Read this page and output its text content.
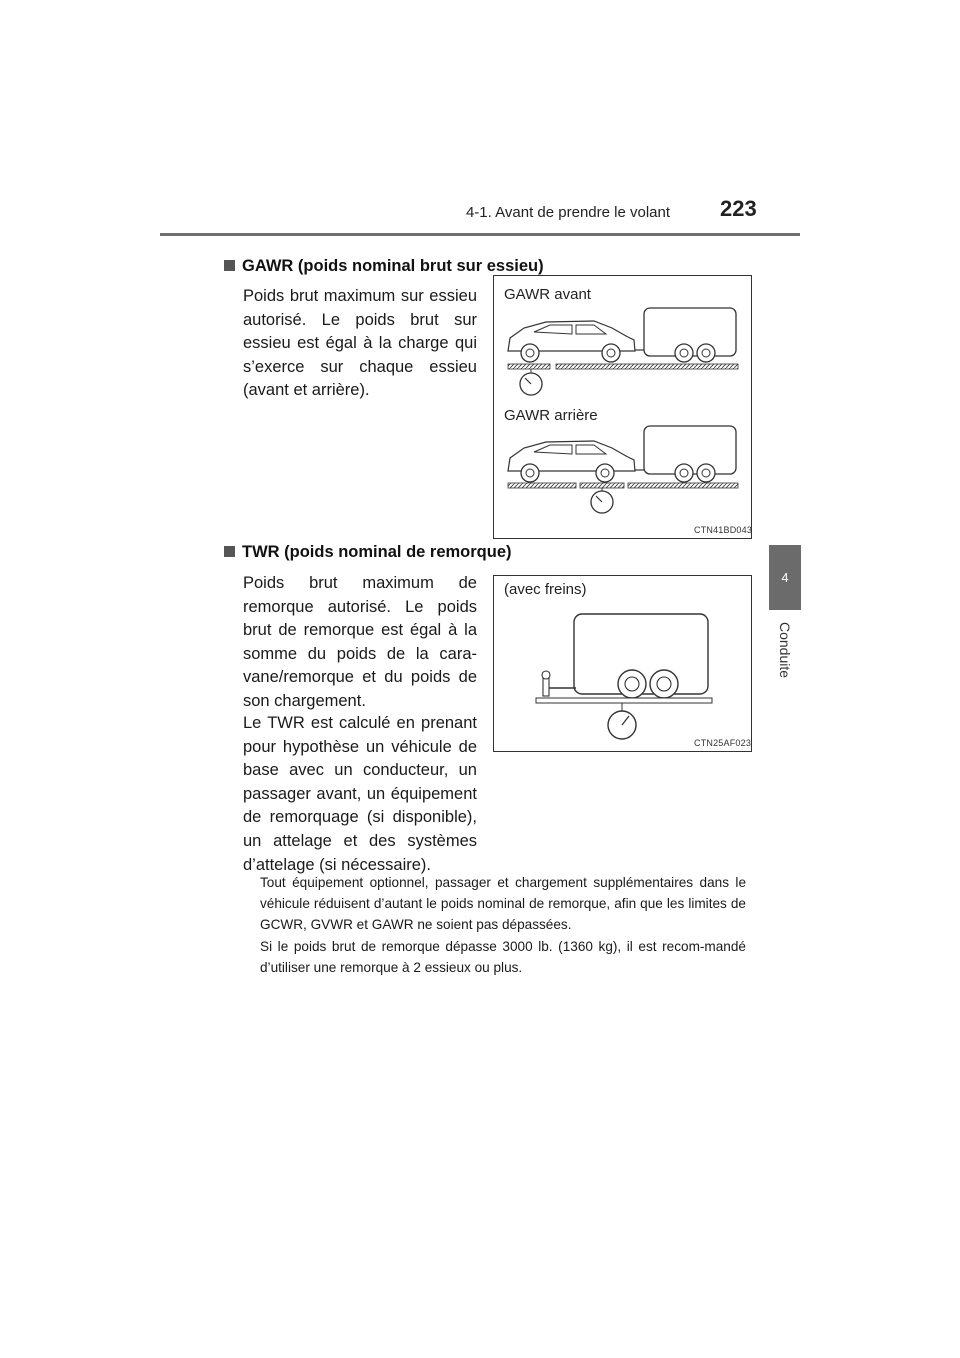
4-1. Avant de prendre le volant 223
4
Conduite
GAWR (poids nominal brut sur essieu)

Poids brut maximum sur essieu autorisé. Le poids brut sur essieu est égal à la charge qui s’exerce sur chaque essieu (avant et arrière).

GAWR avant
GAWR arrière
CTN41BD043
TWR (poids nominal de remorque)

Poids brut maximum de remorque autorisé. Le poids brut de remorque est égal à la somme du poids de la cara-vane/remorque et du poids de son chargement.

Le TWR est calculé en prenant pour hypothèse un véhicule de base avec un conducteur, un passager avant, un équipement de remorquage (si disponible), un attelage et des systèmes d’attelage (si nécessaire).

(avec freins)
CTN25AF023

Tout équipement optionnel, passager et chargement supplémentaires dans le véhicule réduisent d’autant le poids nominal de remorque, afin que les limites de GCWR, GVWR et GAWR ne soient pas dépassées.

Si le poids brut de remorque dépasse 3000 lb. (1360 kg), il est recom-mandé d’utiliser une remorque à 2 essieux ou plus.
